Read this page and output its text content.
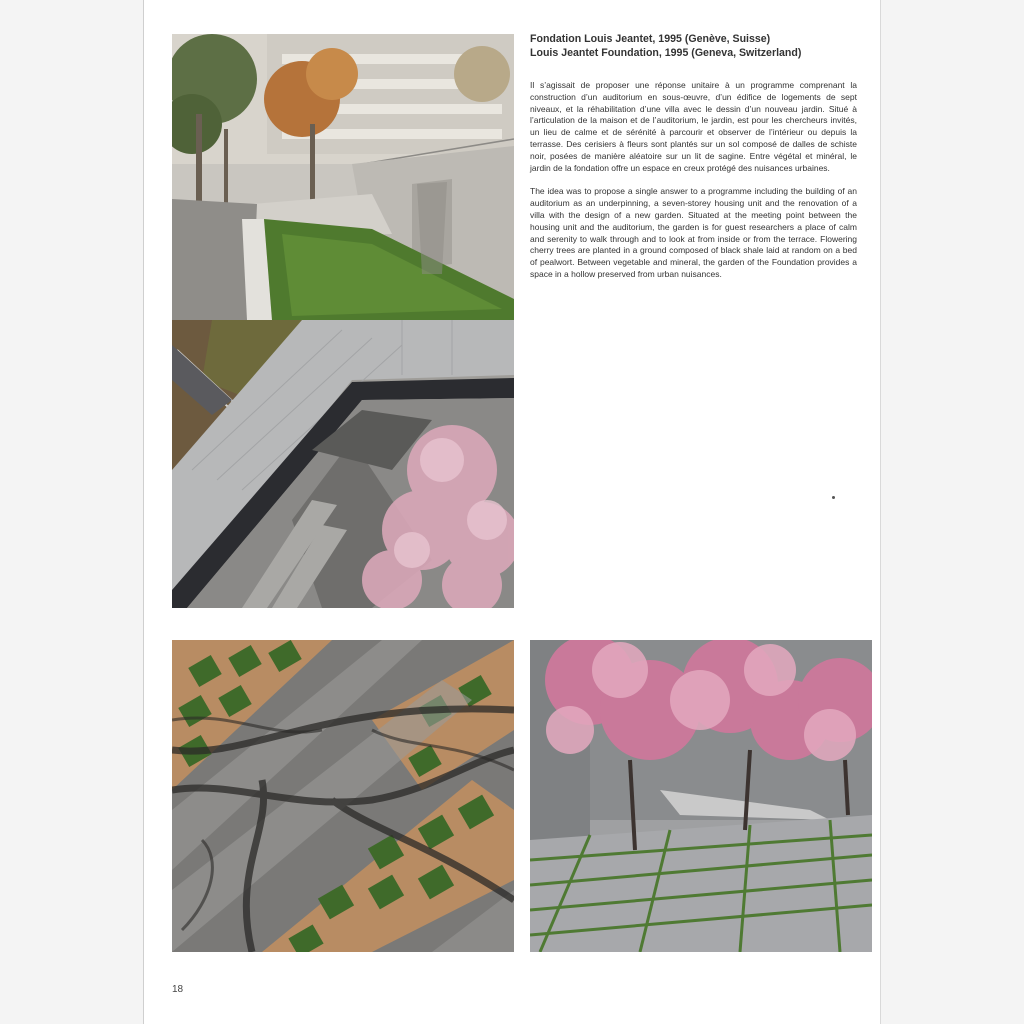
Fondation Louis Jeantet, 1995 (Genève, Suisse)

Louis Jeantet Foundation, 1995 (Geneva, Switzerland)

Il s’agissait de proposer une réponse unitaire à un programme comprenant la construction d’un auditorium en sous-œuvre, d’un édifice de logements de sept niveaux, et la réhabilitation d’une villa avec le dessin d’un nouveau jardin. Situé à l’articulation de la maison et de l’auditorium, le jardin, est pour les chercheurs invités, un lieu de calme et de sérénité à parcourir et observer de l’intérieur ou depuis la terrasse. Des cerisiers à fleurs sont plantés sur un sol composé de dalles de schiste noir, posées de manière aléatoire sur un lit de sagine. Entre végétal et minéral, le jardin de la fondation offre un espace en creux protégé des nuisances urbaines.

The idea was to propose a single answer to a programme including the building of an auditorium as an underpinning, a seven-storey housing unit and the renovation of a villa with the design of a new garden. Situated at the meeting point between the housing unit and the auditorium, the garden is for guest researchers a place of calm and serenity to walk through and to look at from inside or from the terrace. Flowering cherry trees are planted in a ground composed of black shale laid at random on a bed of pealwort. Between vegetable and mineral, the garden of the Foundation provides a space in a hollow preserved from urban nuisances.

18
